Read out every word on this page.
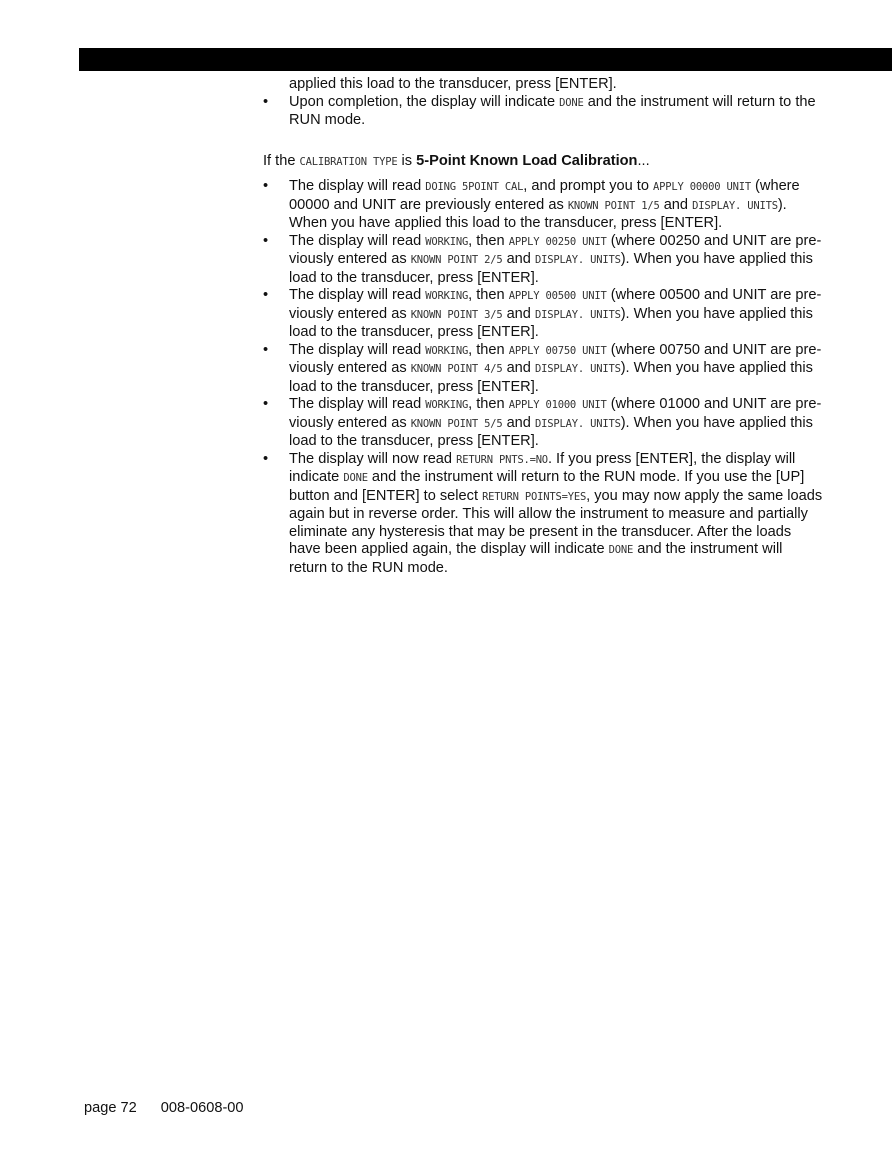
applied this load to the transducer, press [ENTER].

•	Upon completion, the display will indicate DONE and the instrument will return to the RUN mode.

If the CALIBRATION TYPE is 5-Point Known Load Calibration...

•	The display will read DOING 5POINT CAL, and prompt you to APPLY 00000 UNIT (where 00000 and UNIT are previously entered as KNOWN POINT 1/5 and DISPLAY. UNITS). When you have applied this load to the transducer, press [ENTER].
•	The display will read WORKING, then APPLY 00250 UNIT (where 00250 and UNIT are previously entered as KNOWN POINT 2/5 and DISPLAY. UNITS). When you have applied this load to the transducer, press [ENTER].
•	The display will read WORKING, then APPLY 00500 UNIT (where 00500 and UNIT are previously entered as KNOWN POINT 3/5 and DISPLAY. UNITS). When you have applied this load to the transducer, press [ENTER].
•	The display will read WORKING, then APPLY 00750 UNIT (where 00750 and UNIT are previously entered as KNOWN POINT 4/5 and DISPLAY. UNITS). When you have applied this load to the transducer, press [ENTER].
•	The display will read WORKING, then APPLY 01000 UNIT (where 01000 and UNIT are previously entered as KNOWN POINT 5/5 and DISPLAY. UNITS). When you have applied this load to the transducer, press [ENTER].
•	The display will now read RETURN PNTS.=NO. If you press [ENTER], the display will indicate DONE and the instrument will return to the RUN mode. If you use the [UP] button and [ENTER] to select RETURN POINTS=YES, you may now apply the same loads again but in reverse order. This will allow the instrument to measure and partially eliminate any hysteresis that may be present in the transducer. After the loads have been applied again, the display will indicate DONE and the instrument will return to the RUN mode.
page 72 008-0608-00
